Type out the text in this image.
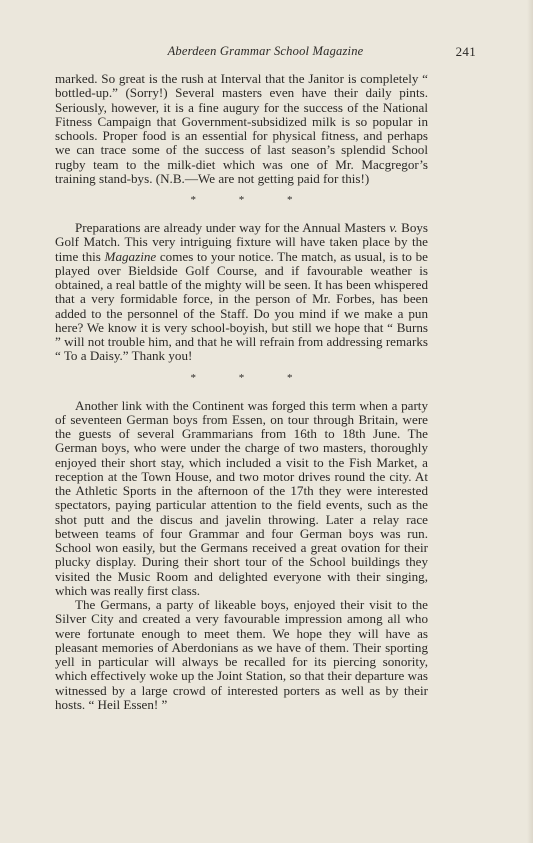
Aberdeen Grammar School Magazine	241

marked. So great is the rush at Interval that the Janitor is completely “ bottled-up.” (Sorry!) Several masters even have their daily pints. Seriously, however, it is a fine augury for the success of the National Fitness Campaign that Government-subsidized milk is so popular in schools. Proper food is an essential for physical fitness, and perhaps we can trace some of the success of last season’s splendid School rugby team to the milk-diet which was one of Mr. Macgregor’s training stand-bys. (N.B.—We are not getting paid for this!)

* * *

Preparations are already under way for the Annual Masters v. Boys Golf Match. This very intriguing fixture will have taken place by the time this Magazine comes to your notice. The match, as usual, is to be played over Bieldside Golf Course, and if favourable weather is obtained, a real battle of the mighty will be seen. It has been whispered that a very formidable force, in the person of Mr. Forbes, has been added to the personnel of the Staff. Do you mind if we make a pun here? We know it is very school-boyish, but still we hope that “ Burns ” will not trouble him, and that he will refrain from addressing remarks “ To a Daisy.” Thank you!

* * *

Another link with the Continent was forged this term when a party of seventeen German boys from Essen, on tour through Britain, were the guests of several Grammarians from 16th to 18th June. The German boys, who were under the charge of two masters, thoroughly enjoyed their short stay, which included a visit to the Fish Market, a reception at the Town House, and two motor drives round the city. At the Athletic Sports in the afternoon of the 17th they were interested spectators, paying particular attention to the field events, such as the shot putt and the discus and javelin throwing. Later a relay race between teams of four Grammar and four German boys was run. School won easily, but the Germans received a great ovation for their plucky display. During their short tour of the School buildings they visited the Music Room and delighted everyone with their singing, which was really first class.

The Germans, a party of likeable boys, enjoyed their visit to the Silver City and created a very favourable impression among all who were fortunate enough to meet them. We hope they will have as pleasant memories of Aberdonians as we have of them. Their sporting yell in particular will always be recalled for its piercing sonority, which effectively woke up the Joint Station, so that their departure was witnessed by a large crowd of interested porters as well as by their hosts. “ Heil Essen! ”
